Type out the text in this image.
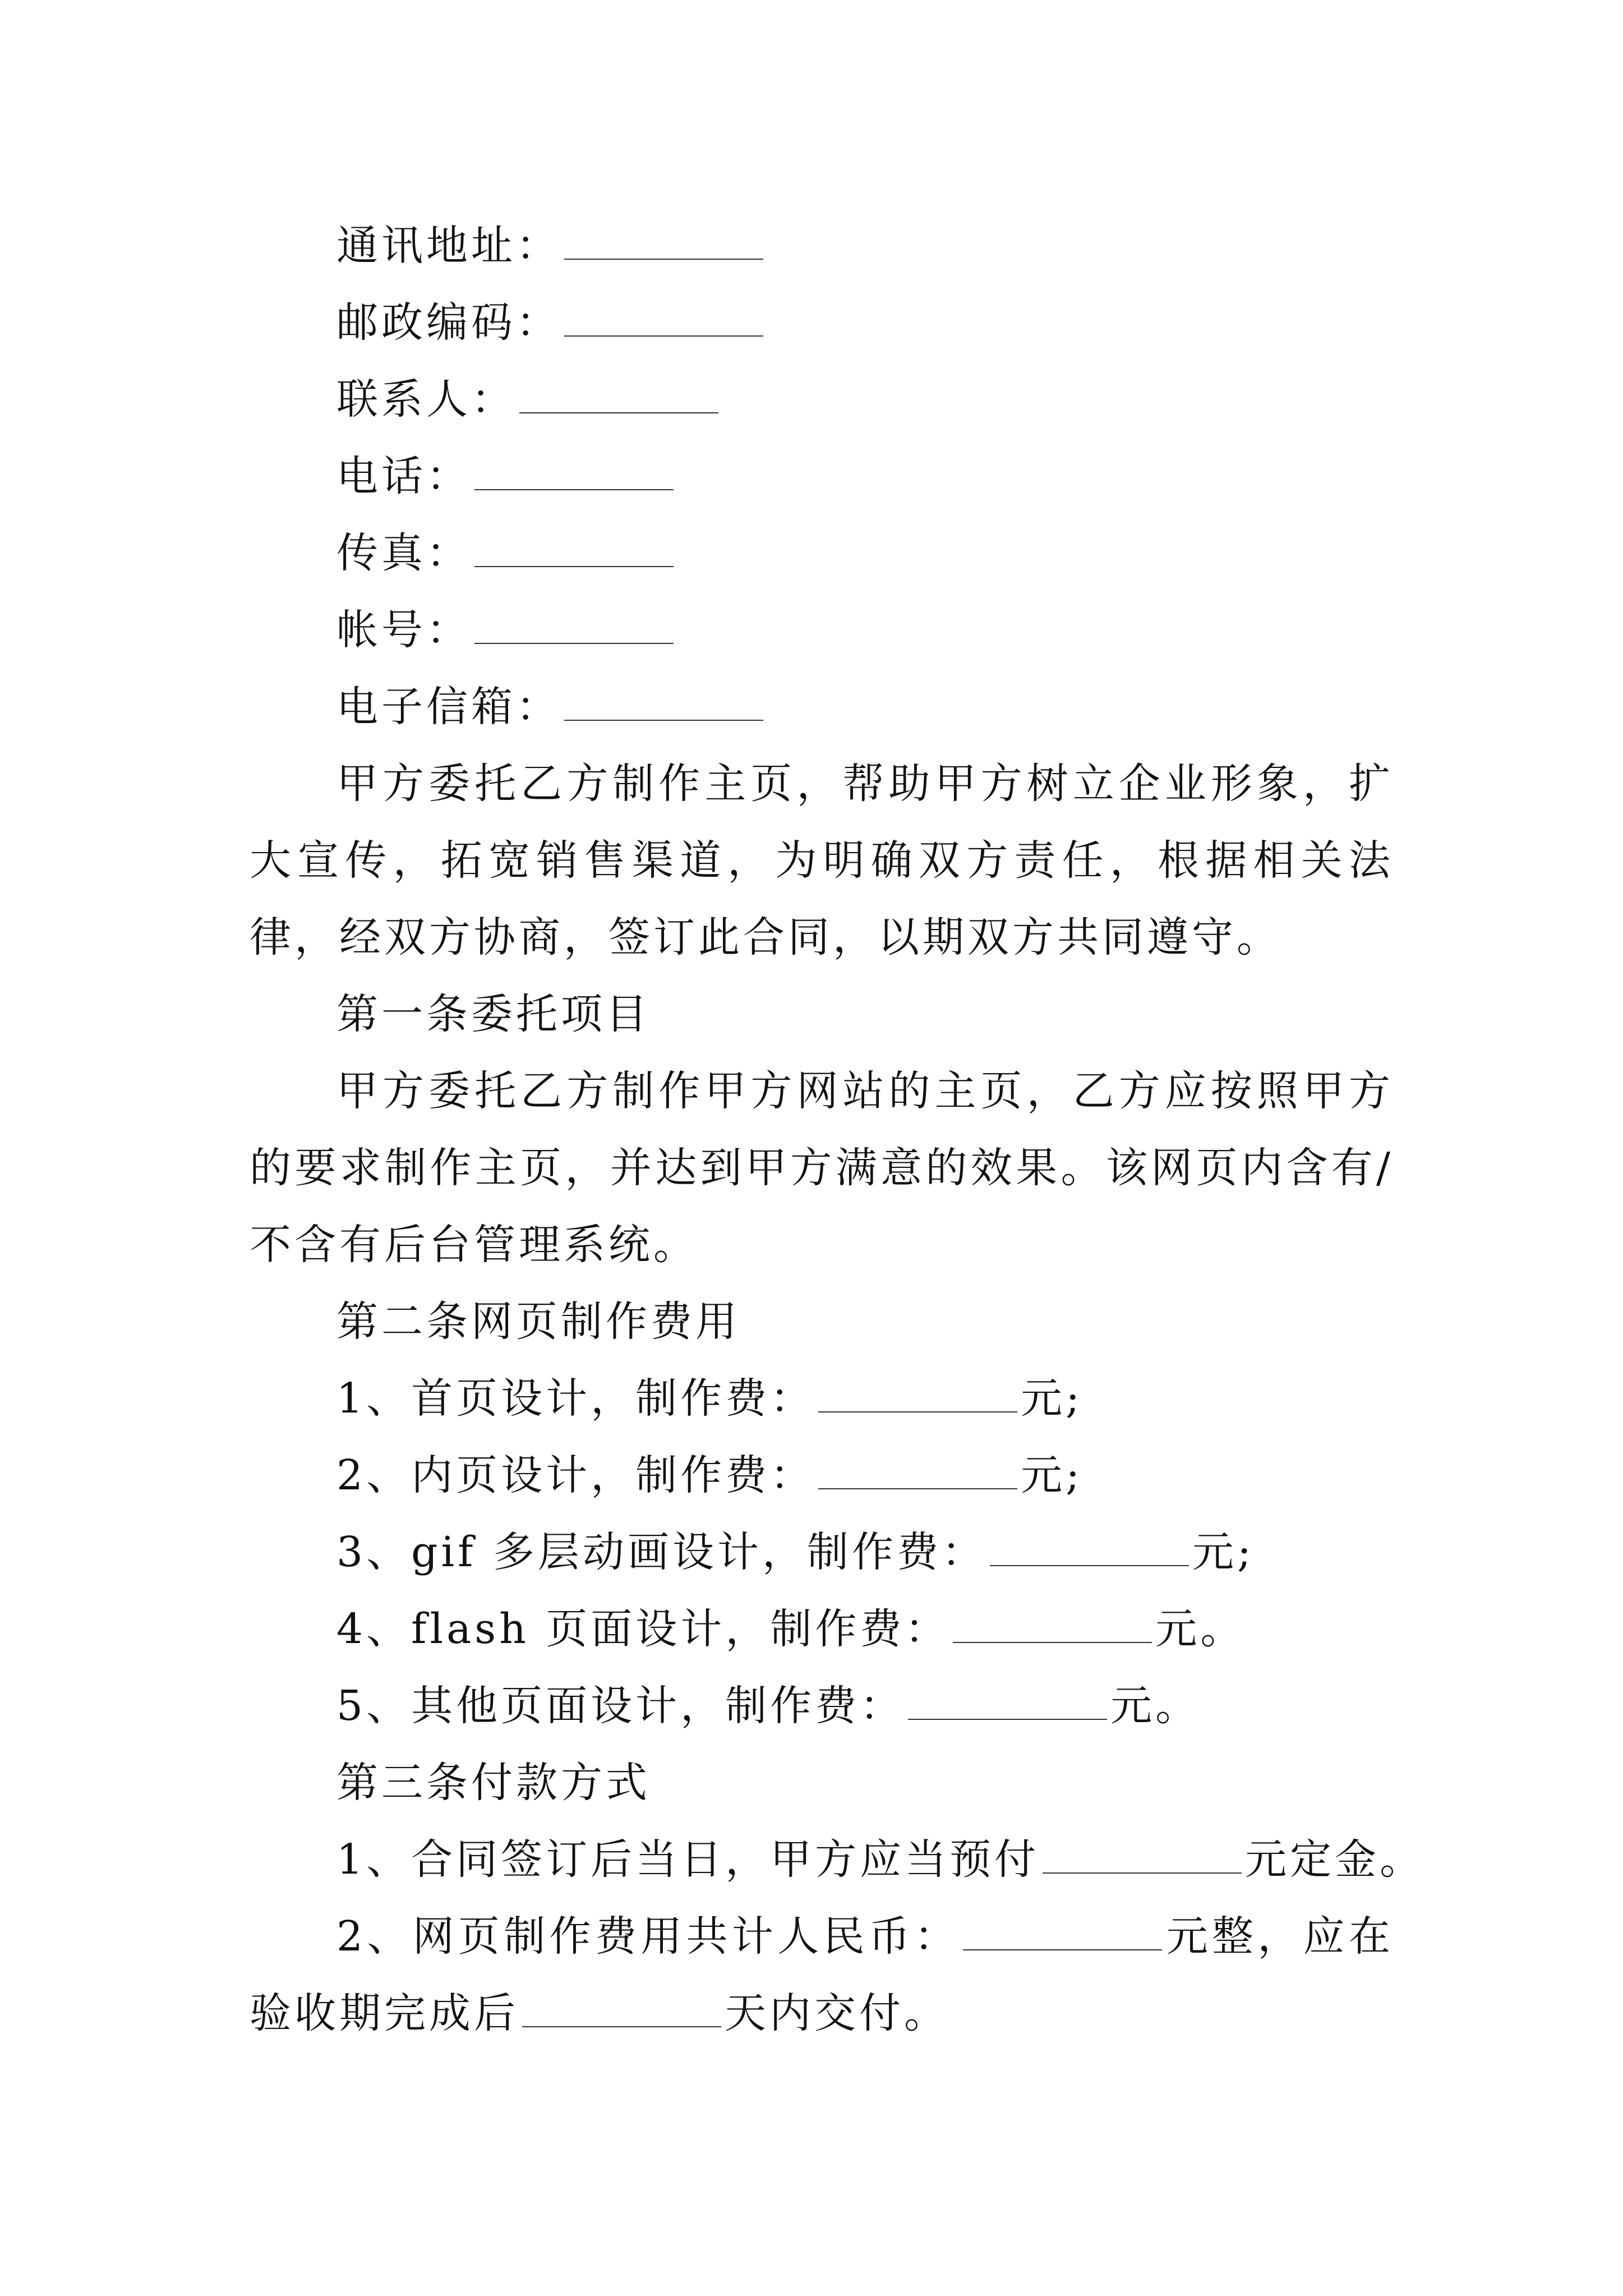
通讯地址：
邮政编码：
联系人：
电话：
传真：
帐号：
电子信箱：
甲方委托乙方制作主页，帮助甲方树立企业形象，扩大宣传，拓宽销售渠道，为明确双方责任，根据相关法律，经双方协商，签订此合同，以期双方共同遵守。
第一条委托项目
甲方委托乙方制作甲方网站的主页，乙方应按照甲方的要求制作主页，并达到甲方满意的效果。该网页内含有/不含有后台管理系统。
第二条网页制作费用
1、首页设计，制作费：	元;
2、内页设计，制作费：	元;
3、gif 多层动画设计，制作费：	元;
4、flash 页面设计，制作费：	元。
5、其他页面设计，制作费：	元。
第三条付款方式
1、合同签订后当日，甲方应当预付	元定金。
2、网页制作费用共计人民币：	元整，应在验收期完成后	天内交付。
